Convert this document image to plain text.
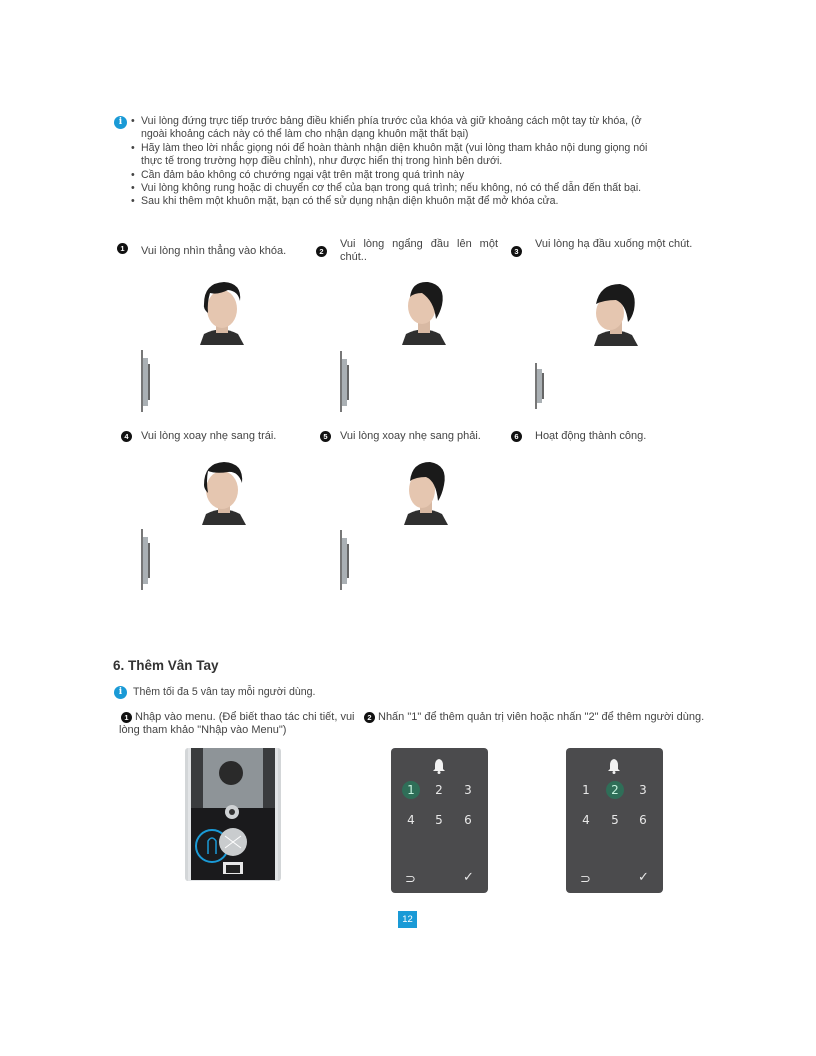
i • Vui lòng đứng trực tiếp trước bảng điều khiển phía trước của khóa và giữ khoảng cách một tay từ khóa, (ở
ngoài khoảng cách này có thể làm cho nhận dạng khuôn mặt thất bại)
• Hãy làm theo lời nhắc giọng nói để hoàn thành nhận diện khuôn mặt (vui lòng tham khảo nội dung giọng nói
thực tế trong trường hợp điều chỉnh), như được hiển thị trong hình bên dưới.
• Cần đảm bảo không có chướng ngại vật trên mặt trong quá trình này
• Vui lòng không rung hoặc di chuyển cơ thể của bạn trong quá trình; nếu không, nó có thể dẫn đến thất bại.
• Sau khi thêm một khuôn mặt, bạn có thể sử dụng nhận diện khuôn mặt để mở khóa cửa.
1	Vui lòng nhìn thẳng vào khóa.	2
Vui lòng ngẩng đầu lên một chút..	3
Vui lòng hạ đầu xuống một chút.
4	Vui lòng xoay nhẹ sang trái.	5	Vui lòng xoay nhẹ sang phải.	6	Hoạt động thành công.
6. Thêm Vân Tay
i	Thêm tối đa 5 vân tay mỗi người dùng.
1 Nhập vào menu. (Để biết thao tác chi tiết, vui lòng tham khảo "Nhập vào Menu")
2 Nhấn "1" để thêm quản trị viên hoặc nhấn "2" để thêm người dùng.
1	2	3
4	5	6
⊃	✓
1	2	3
4	5	6
⊃	✓
12
